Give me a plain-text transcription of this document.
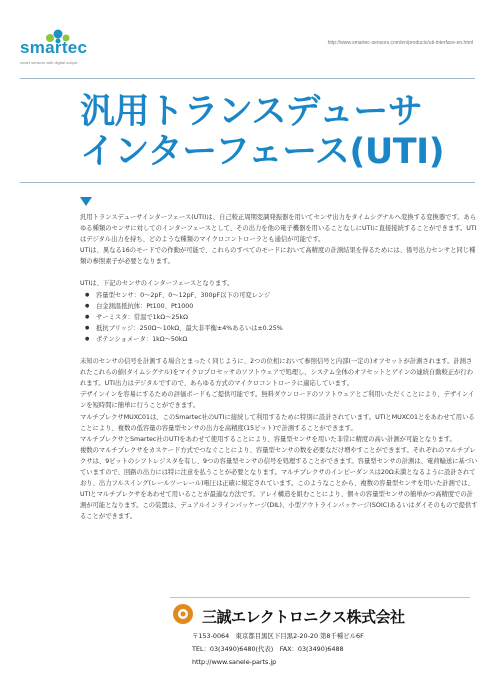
smartec
smart sensors with digital output
http://www.smartec-sensors.com/en/products/uti-interface-en.html
汎用トランスデューサ
インターフェース(UTI)

汎用トランスデューサインターフェース(UTI)は、自己較正周期変調発振器を用いてセンサ出力をタイムシグナルへ変換する変換器です。あらゆる種類のセンサに対してのインターフェースとして、その出力を他の電子機器を用いることなしにUTIに直接接続することができます。UTIはデジタル出力を持ち、どのような種類のマイクロコントローラとも通信が可能です。

UTIは、異なる16のモードでの作動が可能で、これらのすべてのモードにおいて高精度の計測結果を得るためには、係号出力センサと同じ種類の参照素子が必要となります。

UTIは、下記のセンサのインターフェースとなります。

● 容量型センサ：0〜2pF、0〜12pF、300pF以下の可変レンジ
● 白金測温抵抗体：Pt100、Pt1000
● サーミスタ：常温で1kΩ〜25kΩ
● 抵抗ブリッジ：250Ω〜10kΩ、最大非平衡±4%あるいは±0.25%
● ポテンショメータ：1kΩ〜50kΩ

未知のセンサの信号を計測する場合とまったく同じように、2つの位相において参照信号と内部(一定の)オフセットが計測されます。計測されたこれらの値(タイムシグナル)をマイクロプロセッサのソフトウェアで処理し、システム全体のオフセットとゲインの連続自動較正が行われます。UTI出力はデジタルですので、あらゆる方式のマイクロコントローラに適応しています。

デザインインを容易にするための評価ボードもご提供可能です。無料ダウンロードのソフトウェアとご利用いただくことにより、デザインインを短時間に簡単に行うことができます。

マルチプレクサMUXC01は、このSmartec社のUTIに接続して利用するために特別に設計されています。UTIとMUXC01とをあわせて用いることにより、複数の低容量の容量型センサの出力を高精度(15ビット)で計測することができます。

マルチプレクサとSmartec社のUTIをあわせて使用することにより、容量型センサを用いた非常に精度の高い計測が可能となります。

複数のマルチプレクサをカスケード方式でつなぐことにより、容量型センサの数を必要なだけ増やすことができます。それぞれのマルチプレクサは、9ビットのシフトレジスタを有し、9つの容量型センサの信号を処理することができます。容量型センサの計測は、電荷輸送に基づいていますので、回路の出力には特に注意を払うことが必要となります。マルチプレクサのインピーダンスは20Ω未満となるように設計されており、出力フルスイング(レールツーレール)電圧は正確に規定されています。このようなことから、複数の容量型センサを用いた計測では、UTIとマルチプレクサをあわせて用いることが最適な方法です。アレイ構造を組むことにより、個々の容量型センサの簡単かつ高精度での計測が可能となります。この装置は、デュアルインラインパッケージ(DIL)、小型アウトラインパッケージ(SOIC)あるいはダイそのもので提供することができます。

三誠エレクトロニクス株式会社
〒153-0064　東京都目黒区下目黒2-20-20 第8千種ビル6F
TEL：03(3490)6480(代表)　FAX：03(3490)6488
http://www.sanele-parts.jp
